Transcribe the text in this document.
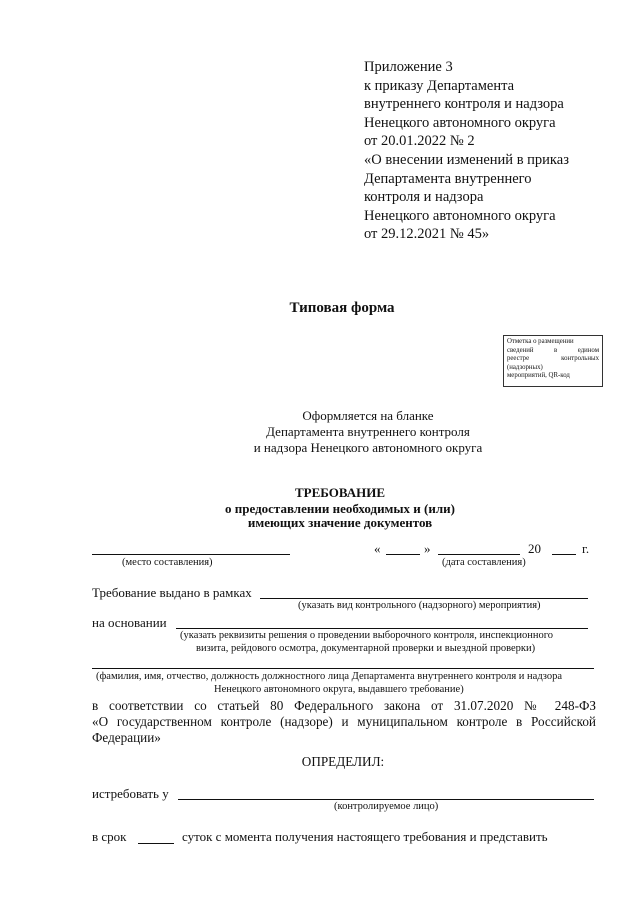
Приложение 3
к приказу Департамента
внутреннего контроля и надзора
Ненецкого автономного округа
от 20.01.2022 № 2
«О внесении изменений в приказ
Департамента внутреннего
контроля и надзора
Ненецкого автономного округа
от 29.12.2021 № 45»
Типовая форма
Отметка о размещении
сведений в едином
реестре контрольных
(надзорных)
мероприятий, QR-код
Оформляется на бланке
Департамента внутреннего контроля
и надзора Ненецкого автономного округа
ТРЕБОВАНИЕ
о предоставлении необходимых и (или)
имеющих значение документов
(место составления)
«	»	20	г.
(дата составления)
Требование выдано в рамках
(указать вид контрольного (надзорного) мероприятия)
на основании
(указать реквизиты решения о проведении выборочного контроля, инспекционного
визита, рейдового осмотра, документарной проверки и выездной проверки)
(фамилия, имя, отчество, должность должностного лица Департамента внутреннего контроля и надзора
Ненецкого автономного округа, выдавшего требование)
в соответствии со статьей 80 Федерального закона от 31.07.2020 № 248-ФЗ
«О государственном контроле (надзоре) и муниципальном контроле в Российской
Федерации»
ОПРЕДЕЛИЛ:
истребовать у
(контролируемое лицо)
в срок	суток с момента получения настоящего требования и представить
